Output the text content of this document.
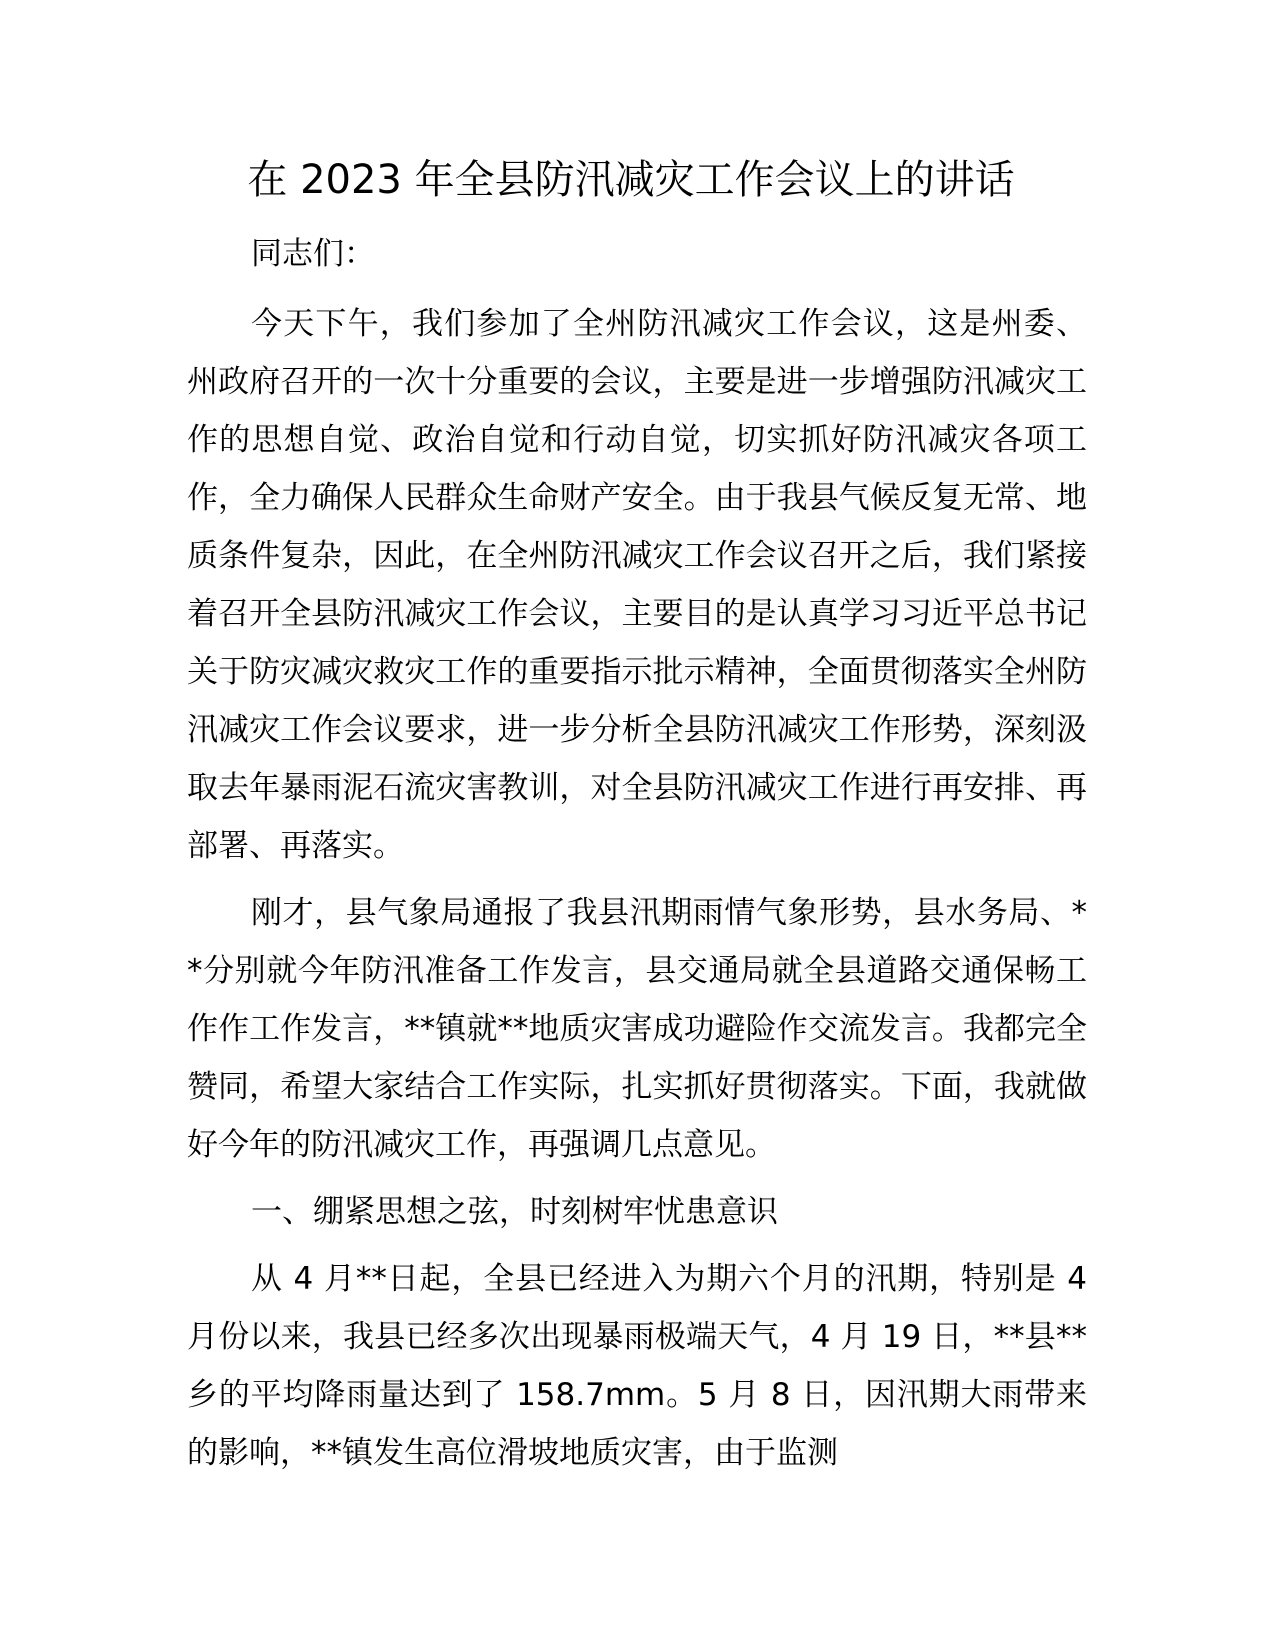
在 2023 年全县防汛减灾工作会议上的讲话

同志们：

今天下午，我们参加了全州防汛减灾工作会议，这是州委、州政府召开的一次十分重要的会议，主要是进一步增强防汛减灾工作的思想自觉、政治自觉和行动自觉，切实抓好防汛减灾各项工作，全力确保人民群众生命财产安全。由于我县气候反复无常、地质条件复杂，因此，在全州防汛减灾工作会议召开之后，我们紧接着召开全县防汛减灾工作会议，主要目的是认真学习习近平总书记关于防灾减灾救灾工作的重要指示批示精神，全面贯彻落实全州防汛减灾工作会议要求，进一步分析全县防汛减灾工作形势，深刻汲取去年暴雨泥石流灾害教训，对全县防汛减灾工作进行再安排、再部署、再落实。

刚才，县气象局通报了我县汛期雨情气象形势，县水务局、**分别就今年防汛准备工作发言，县交通局就全县道路交通保畅工作作工作发言，**镇就**地质灾害成功避险作交流发言。我都完全赞同，希望大家结合工作实际，扎实抓好贯彻落实。下面，我就做好今年的防汛减灾工作，再强调几点意见。

一、绷紧思想之弦，时刻树牢忧患意识

从 4 月**日起，全县已经进入为期六个月的汛期，特别是 4 月份以来，我县已经多次出现暴雨极端天气，4 月 19 日，**县**乡的平均降雨量达到了 158.7mm。5 月 8 日，因汛期大雨带来的影响，**镇发生高位滑坡地质灾害，由于监测
